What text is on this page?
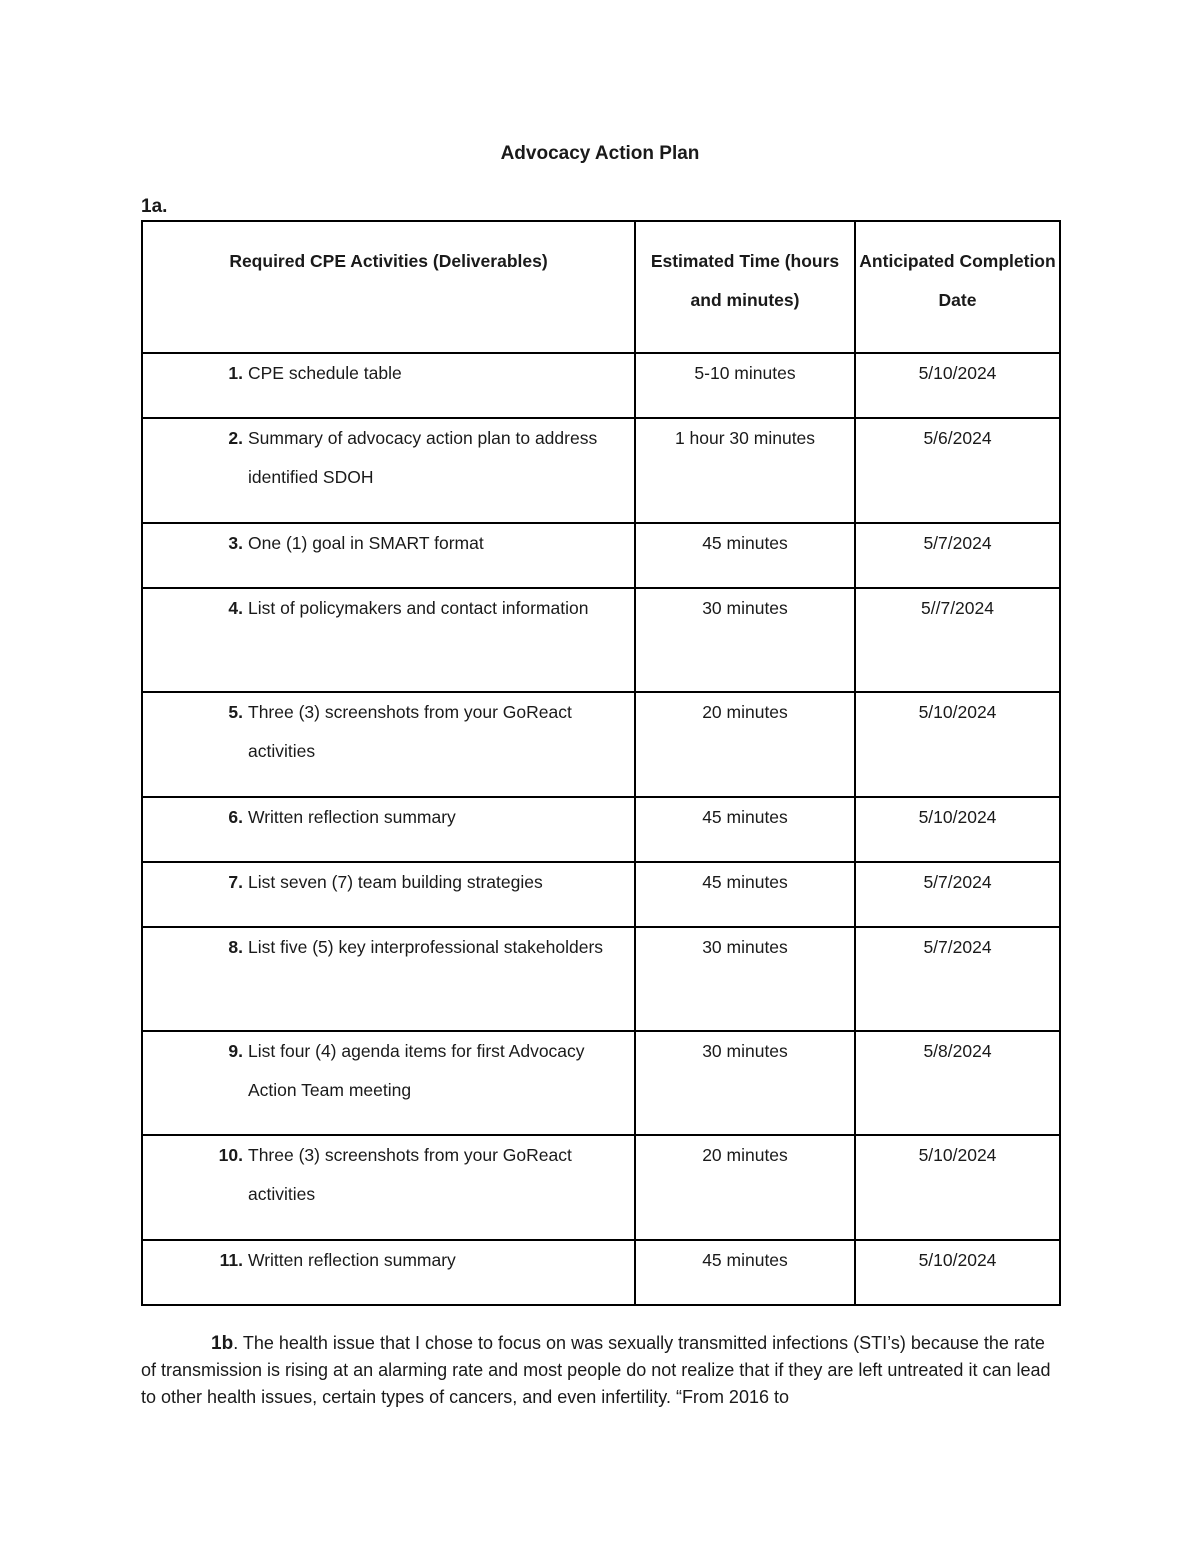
Advocacy Action Plan
1a.
Required CPE Activities (Deliverables)	Estimated Time (hours and minutes)	Anticipated Completion Date

1. CPE schedule table	5-10 minutes	5/10/2024

2. Summary of advocacy action plan to address identified SDOH	1 hour 30 minutes	5/6/2024

3. One (1) goal in SMART format	45 minutes	5/7/2024

4. List of policymakers and contact information	30 minutes	5//7/2024

5. Three (3) screenshots from your GoReact activities	20 minutes	5/10/2024

6. Written reflection summary	45 minutes	5/10/2024

7. List seven (7) team building strategies	45 minutes	5/7/2024

8. List five (5) key interprofessional stakeholders	30 minutes	5/7/2024

9. List four (4) agenda items for first Advocacy Action Team meeting	30 minutes	5/8/2024

10. Three (3) screenshots from your GoReact activities	20 minutes	5/10/2024

11. Written reflection summary	45 minutes	5/10/2024
1b. The health issue that I chose to focus on was sexually transmitted infections (STI’s) because the rate of transmission is rising at an alarming rate and most people do not realize that if they are left untreated it can lead to other health issues, certain types of cancers, and even infertility. “From 2016 to
